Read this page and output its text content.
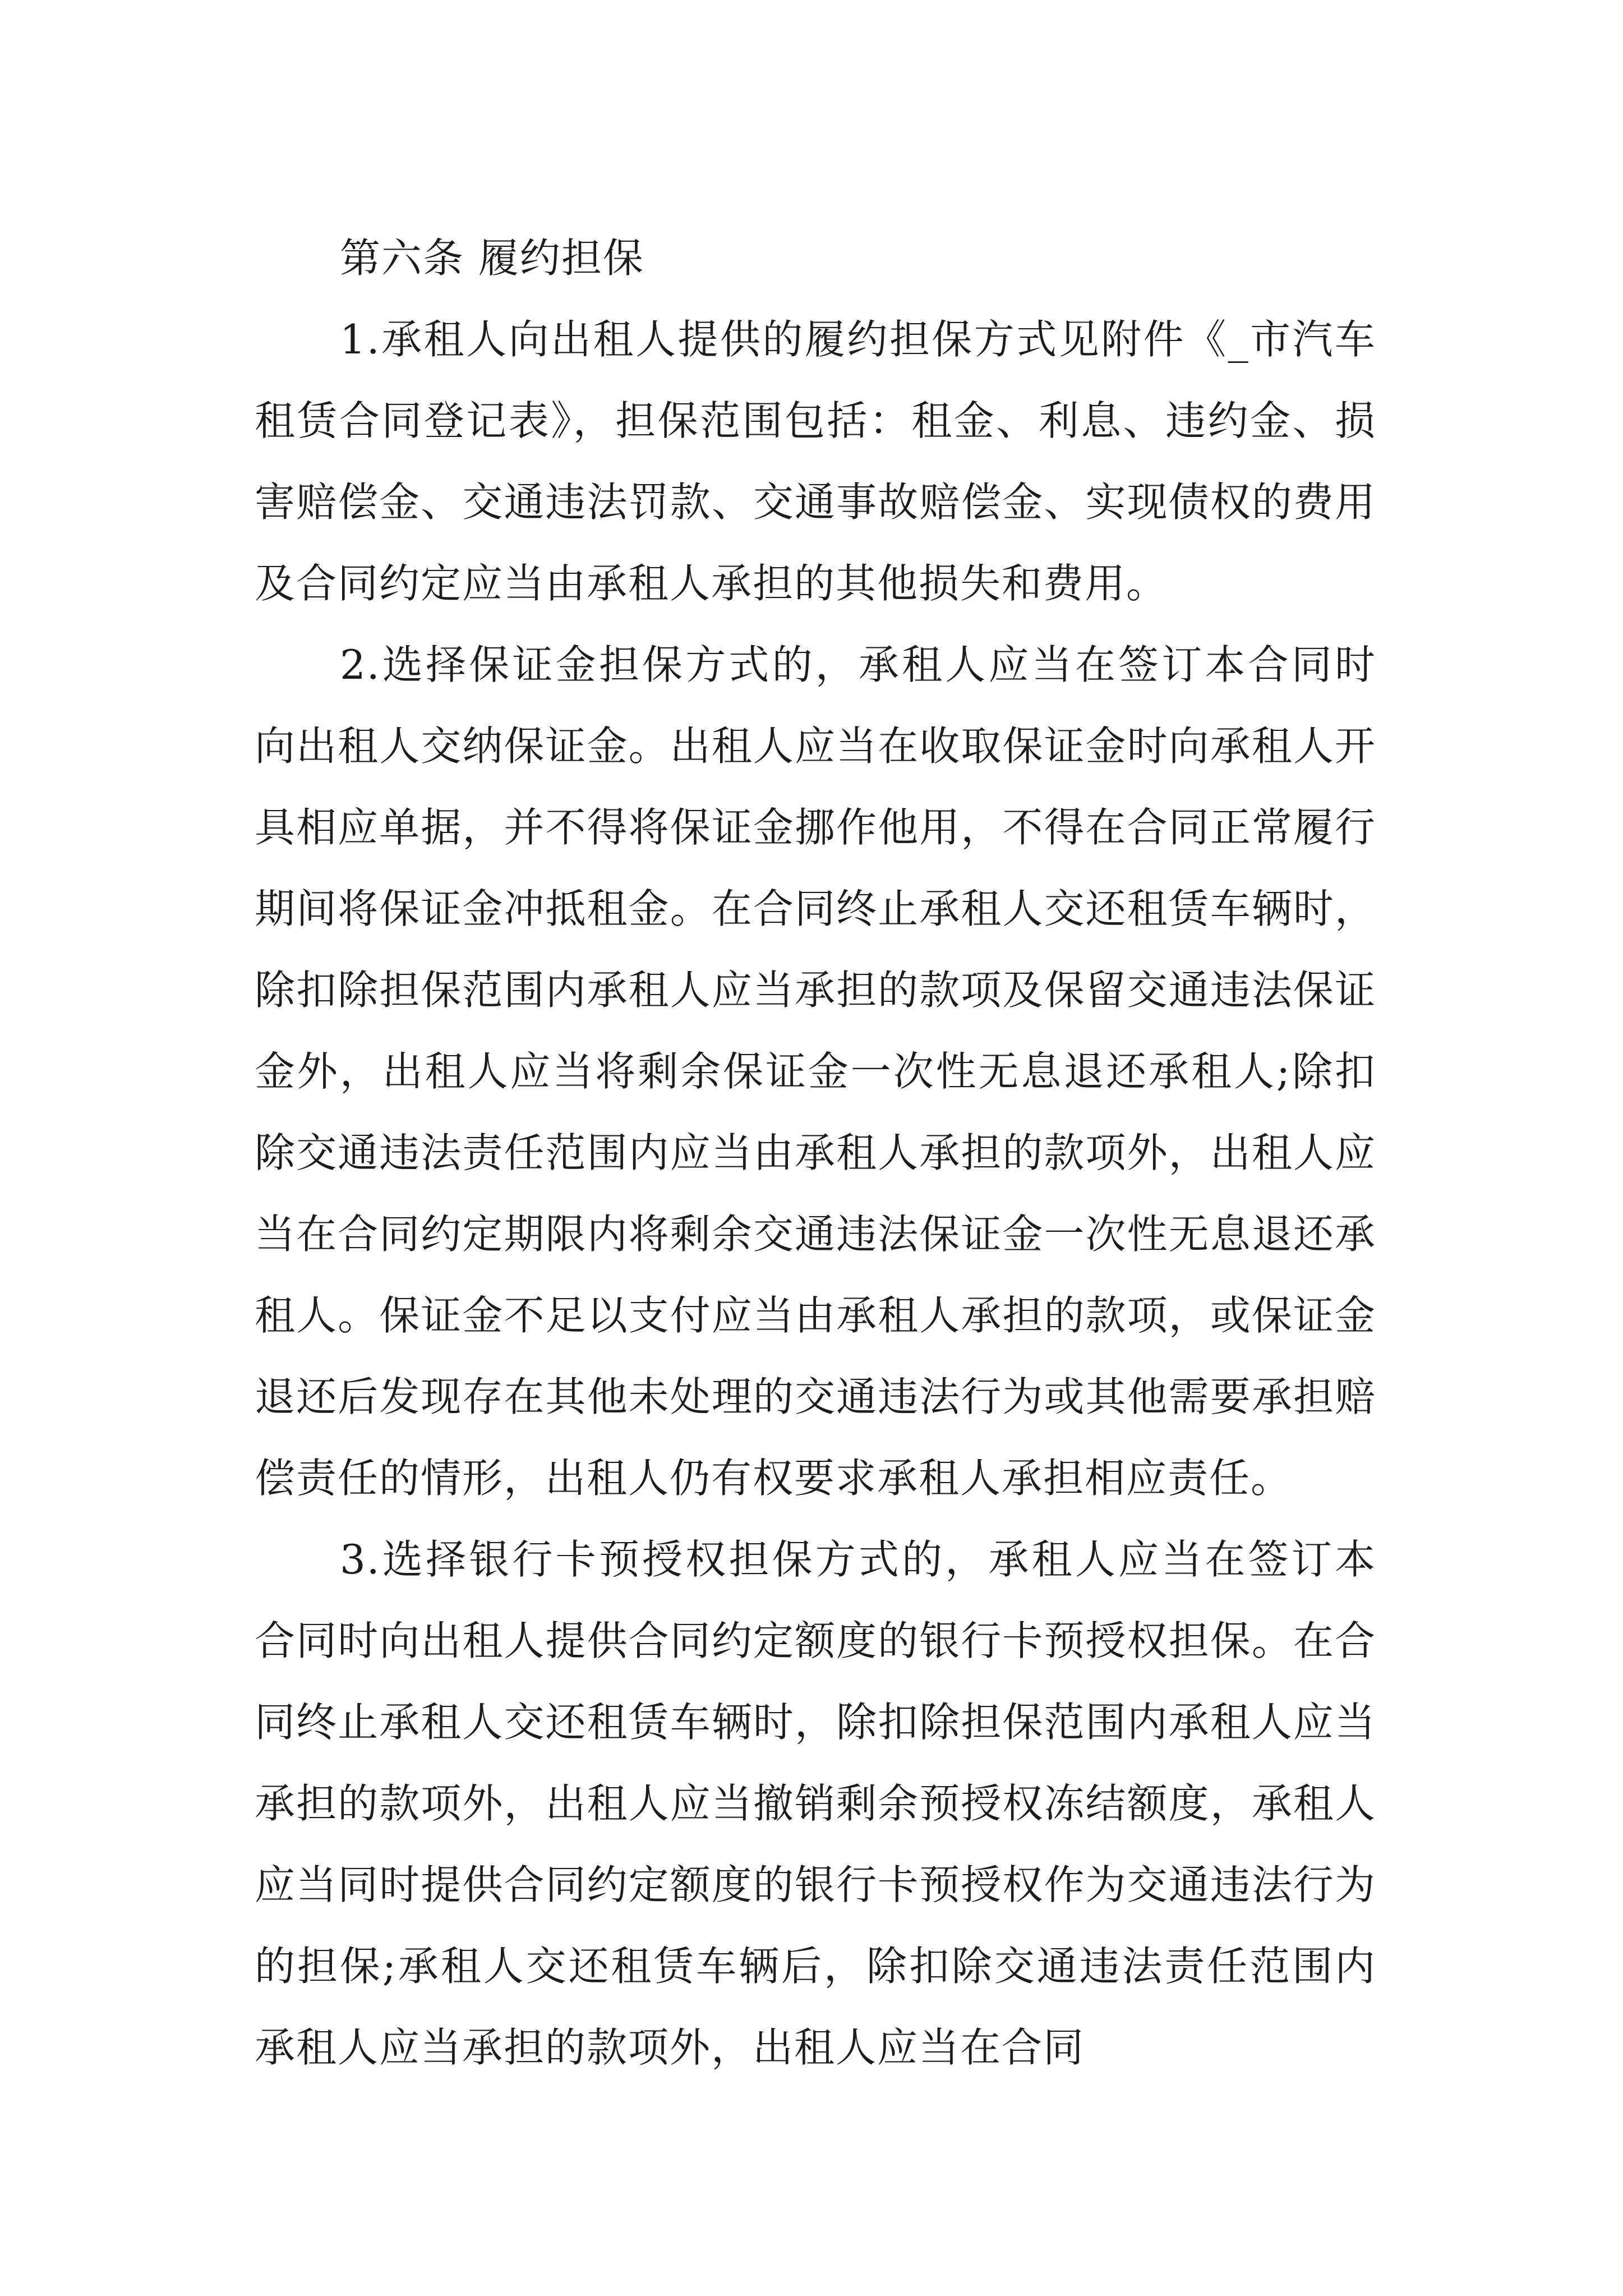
第六条 履约担保

1.承租人向出租人提供的履约担保方式见附件《_市汽车租赁合同登记表》，担保范围包括：租金、利息、违约金、损害赔偿金、交通违法罚款、交通事故赔偿金、实现债权的费用及合同约定应当由承租人承担的其他损失和费用。

2.选择保证金担保方式的，承租人应当在签订本合同时向出租人交纳保证金。出租人应当在收取保证金时向承租人开具相应单据，并不得将保证金挪作他用，不得在合同正常履行期间将保证金冲抵租金。在合同终止承租人交还租赁车辆时，除扣除担保范围内承租人应当承担的款项及保留交通违法保证金外，出租人应当将剩余保证金一次性无息退还承租人;除扣除交通违法责任范围内应当由承租人承担的款项外，出租人应当在合同约定期限内将剩余交通违法保证金一次性无息退还承租人。保证金不足以支付应当由承租人承担的款项，或保证金退还后发现存在其他未处理的交通违法行为或其他需要承担赔偿责任的情形，出租人仍有权要求承租人承担相应责任。

3.选择银行卡预授权担保方式的，承租人应当在签订本合同时向出租人提供合同约定额度的银行卡预授权担保。在合同终止承租人交还租赁车辆时，除扣除担保范围内承租人应当承担的款项外，出租人应当撤销剩余预授权冻结额度，承租人应当同时提供合同约定额度的银行卡预授权作为交通违法行为的担保;承租人交还租赁车辆后，除扣除交通违法责任范围内承租人应当承担的款项外，出租人应当在合同
